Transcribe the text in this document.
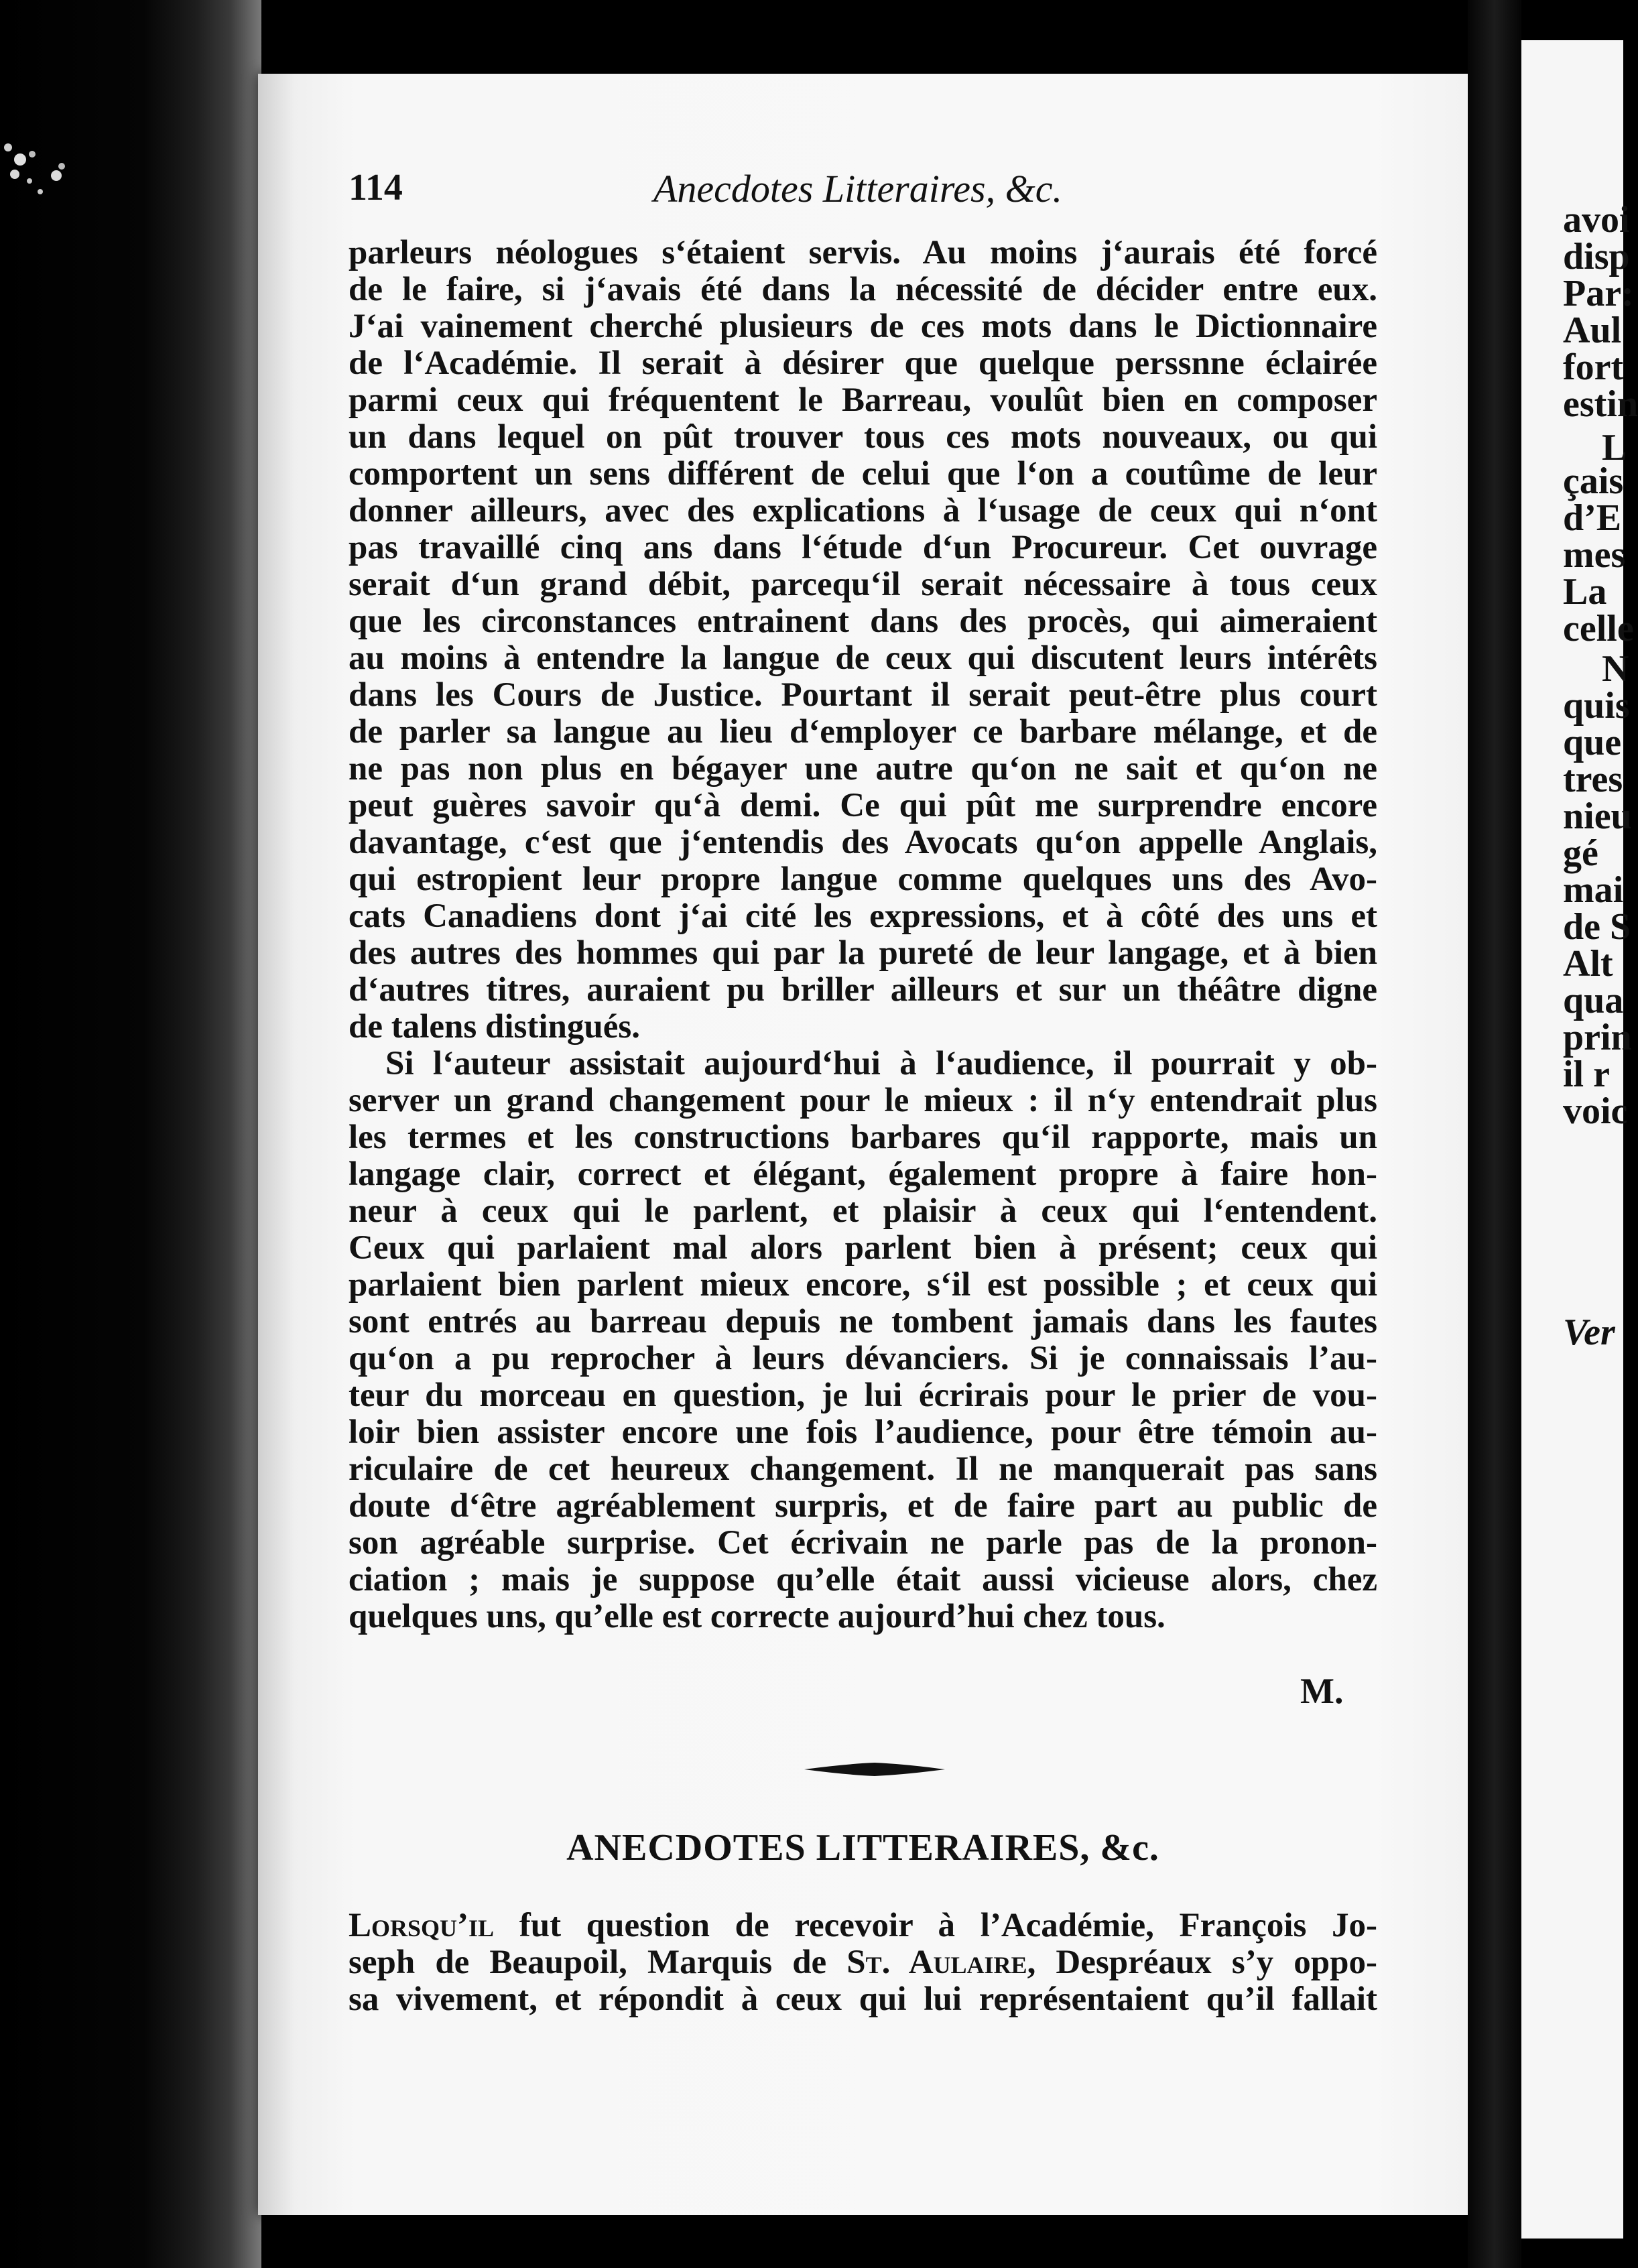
avoi
disp
Par:
Aul
fort
estin
L
çais
d’E
mes
La
celle
N
quis
que
tres
nieu
gé
mai
de S
Alt
qua
prin
il r
voic
Ver
114	Anecdotes Litteraires, &c.
parleurs néologues s‘étaient servis. Au moins j‘aurais été forcé
de le faire, si j‘avais été dans la nécessité de décider entre eux.
J‘ai vainement cherché plusieurs de ces mots dans le Dictionnaire
de l‘Académie. Il serait à désirer que quelque perssnne éclairée
parmi ceux qui fréquentent le Barreau, voulût bien en composer
un dans lequel on pût trouver tous ces mots nouveaux, ou qui
comportent un sens différent de celui que l‘on a coutûme de leur
donner ailleurs, avec des explications à l‘usage de ceux qui n‘ont
pas travaillé cinq ans dans l‘étude d‘un Procureur. Cet ouvrage
serait d‘un grand débit, parcequ‘il serait nécessaire à tous ceux
que les circonstances entrainent dans des procès, qui aimeraient
au moins à entendre la langue de ceux qui discutent leurs intérêts
dans les Cours de Justice. Pourtant il serait peut-être plus court
de parler sa langue au lieu d‘employer ce barbare mélange, et de
ne pas non plus en bégayer une autre qu‘on ne sait et qu‘on ne
peut guères savoir qu‘à demi. Ce qui pût me surprendre encore
davantage, c‘est que j‘entendis des Avocats qu‘on appelle Anglais,
qui estropient leur propre langue comme quelques uns des Avo-
cats Canadiens dont j‘ai cité les expressions, et à côté des uns et
des autres des hommes qui par la pureté de leur langage, et à bien
d‘autres titres, auraient pu briller ailleurs et sur un théâtre digne
de talens distingués.
Si l‘auteur assistait aujourd‘hui à l‘audience, il pourrait y ob-
server un grand changement pour le mieux : il n‘y entendrait plus
les termes et les constructions barbares qu‘il rapporte, mais un
langage clair, correct et élégant, également propre à faire hon-
neur à ceux qui le parlent, et plaisir à ceux qui l‘entendent.
Ceux qui parlaient mal alors parlent bien à présent; ceux qui
parlaient bien parlent mieux encore, s‘il est possible ; et ceux qui
sont entrés au barreau depuis ne tombent jamais dans les fautes
qu‘on a pu reprocher à leurs dévanciers. Si je connaissais l’au-
teur du morceau en question, je lui écrirais pour le prier de vou-
loir bien assister encore une fois l’audience, pour être témoin au-
riculaire de cet heureux changement. Il ne manquerait pas sans
doute d‘être agréablement surpris, et de faire part au public de
son agréable surprise. Cet écrivain ne parle pas de la pronon-
ciation ; mais je suppose qu’elle était aussi vicieuse alors, chez
quelques uns, qu’elle est correcte aujourd’hui chez tous.
M.
ANECDOTES LITTERAIRES, &c.
Lorsqu’il fut question de recevoir à l’Académie, François Jo-
seph de Beaupoil, Marquis de St. Aulaire, Despréaux s’y oppo-
sa vivement, et répondit à ceux qui lui représentaient qu’il fallait
